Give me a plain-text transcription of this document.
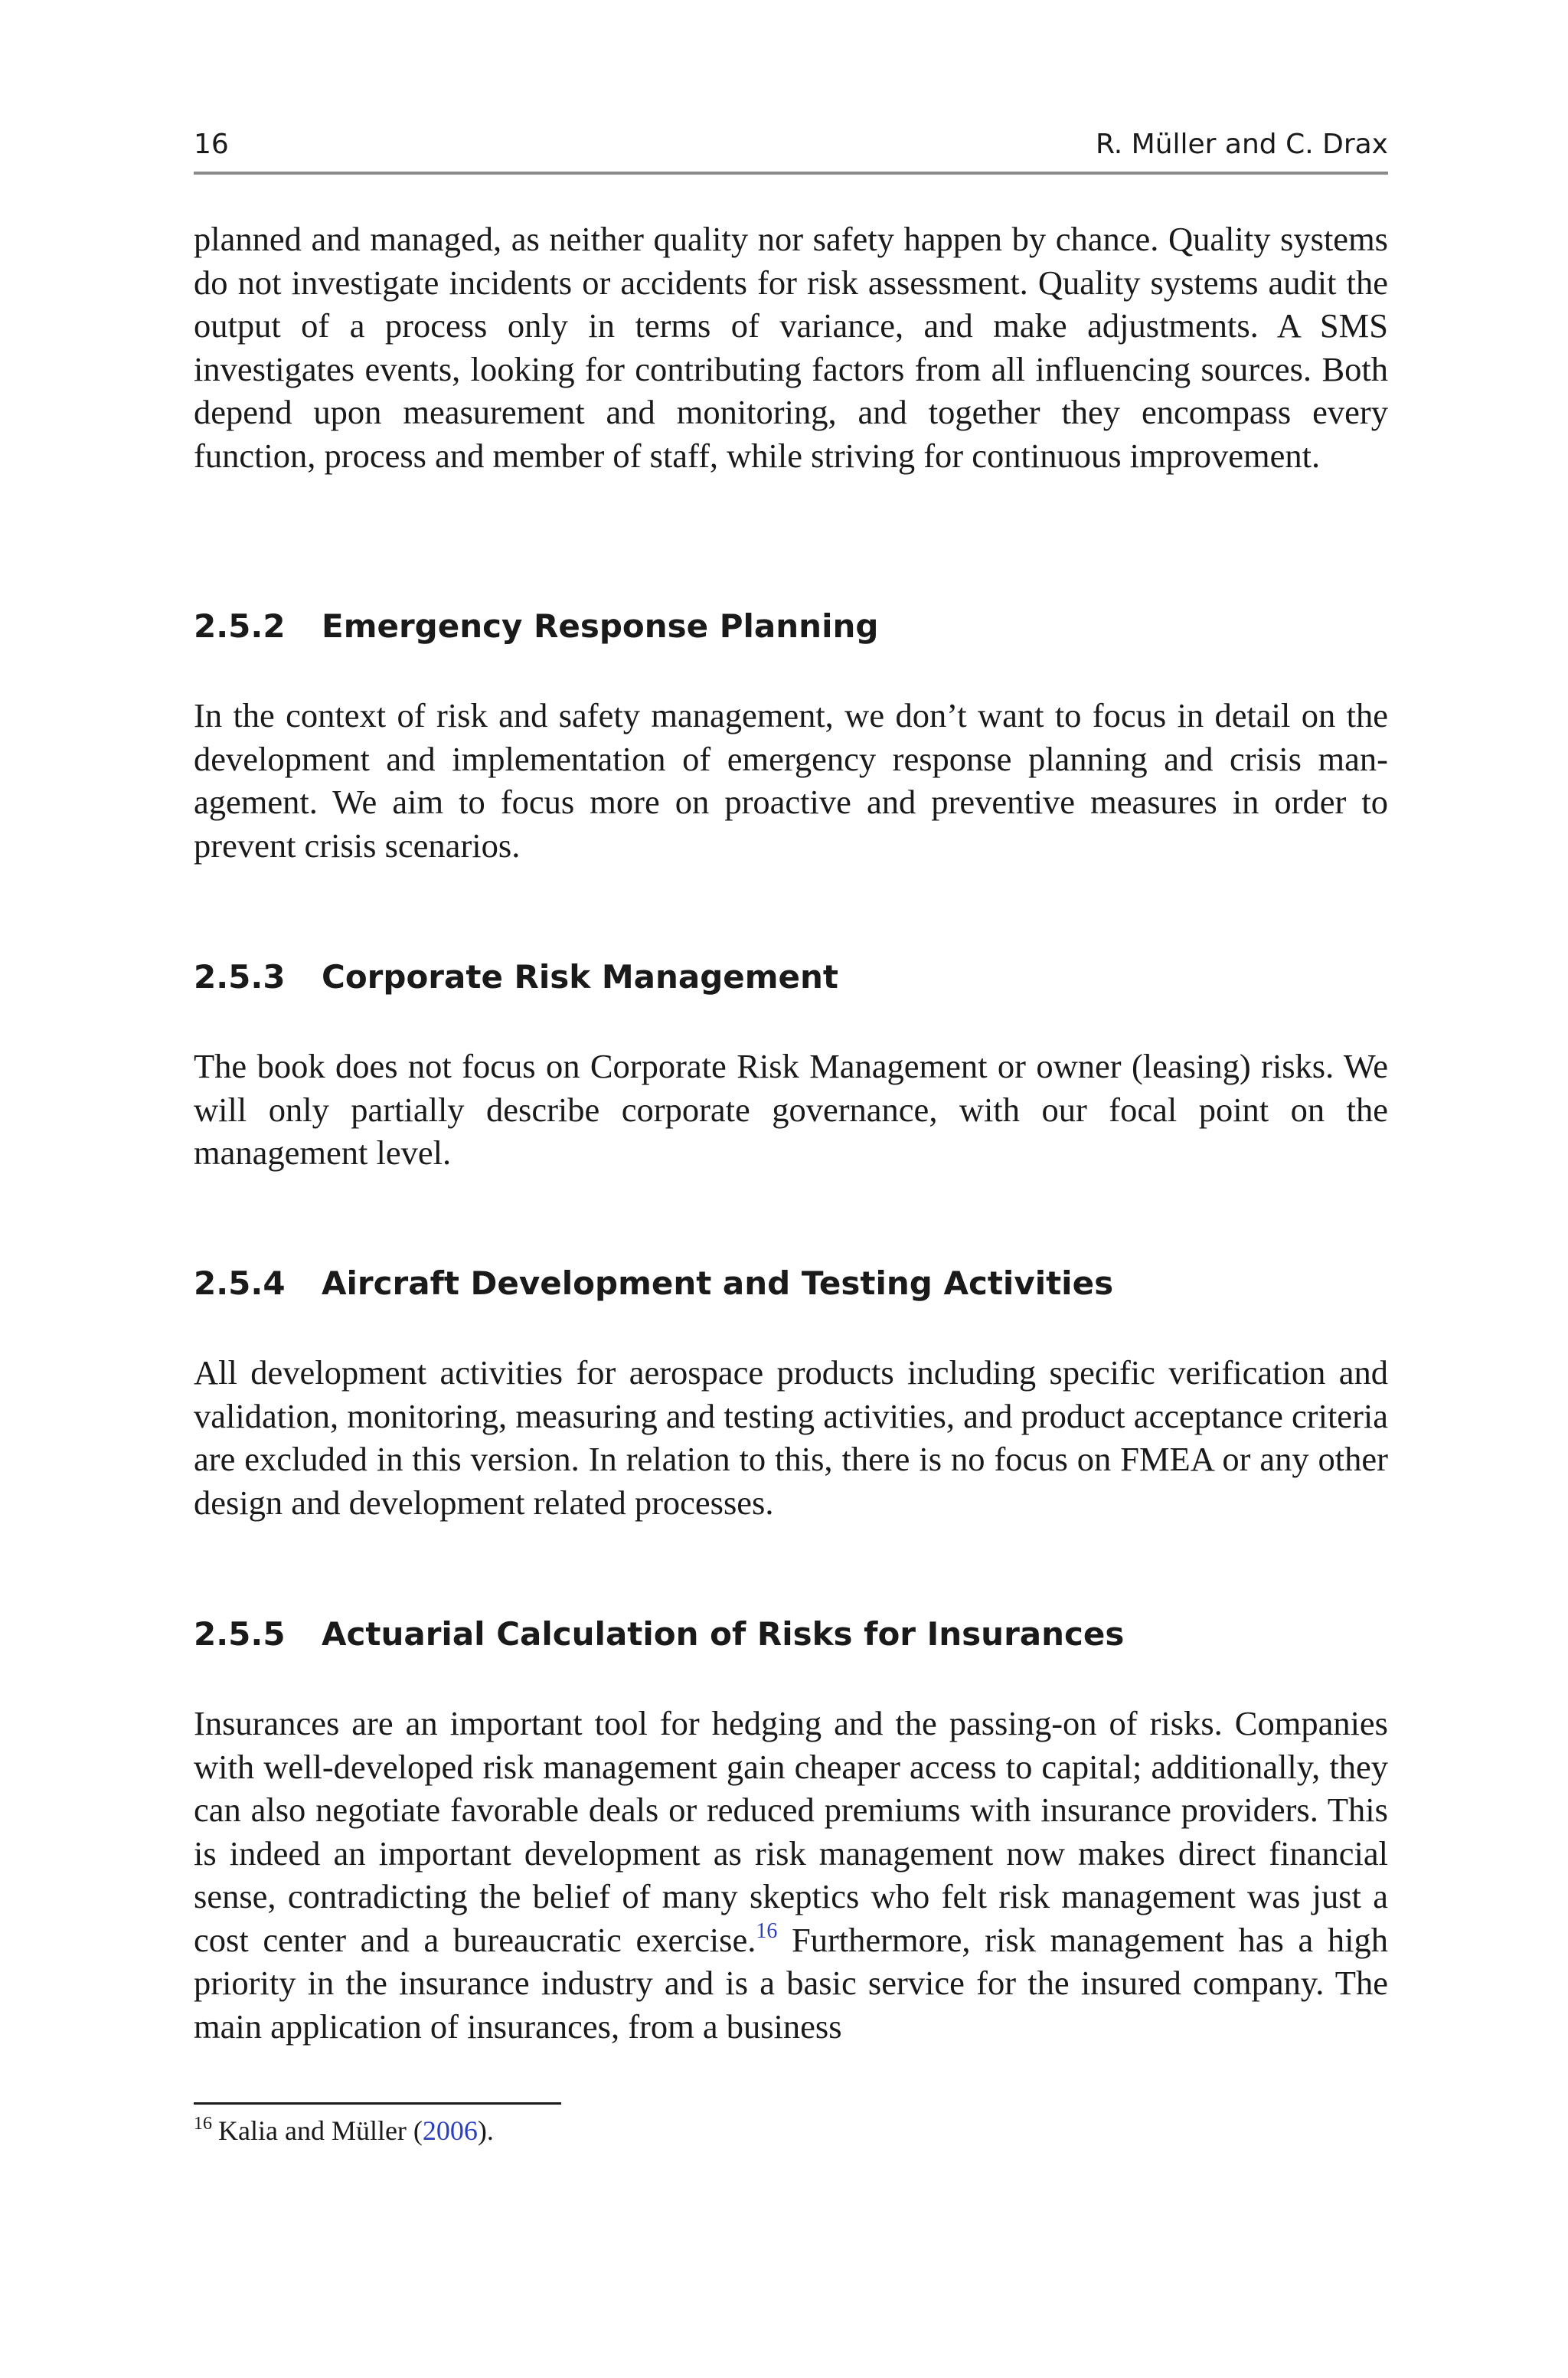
16	R. Müller and C. Drax

planned and managed, as neither quality nor safety happen by chance. Quality systems do not investigate incidents or accidents for risk assessment. Quality systems audit the output of a process only in terms of variance, and make adjustments. A SMS investigates events, looking for contributing factors from all influencing sources. Both depend upon measurement and monitoring, and together they encompass every function, process and member of staff, while striving for continuous improvement.

2.5.2 Emergency Response Planning

In the context of risk and safety management, we don’t want to focus in detail on the development and implementation of emergency response planning and crisis management. We aim to focus more on proactive and preventive measures in order to prevent crisis scenarios.

2.5.3 Corporate Risk Management

The book does not focus on Corporate Risk Management or owner (leasing) risks. We will only partially describe corporate governance, with our focal point on the management level.

2.5.4 Aircraft Development and Testing Activities

All development activities for aerospace products including specific verification and validation, monitoring, measuring and testing activities, and product acceptance criteria are excluded in this version. In relation to this, there is no focus on FMEA or any other design and development related processes.

2.5.5 Actuarial Calculation of Risks for Insurances

Insurances are an important tool for hedging and the passing-on of risks. Companies with well-developed risk management gain cheaper access to capital; additionally, they can also negotiate favorable deals or reduced premiums with insurance providers. This is indeed an important development as risk management now makes direct financial sense, contradicting the belief of many skeptics who felt risk management was just a cost center and a bureaucratic exercise.$^{16}$ Furthermore, risk management has a high priority in the insurance industry and is a basic service for the insured company. The main application of insurances, from a business

$^{16}$ Kalia and Müller (2006).
